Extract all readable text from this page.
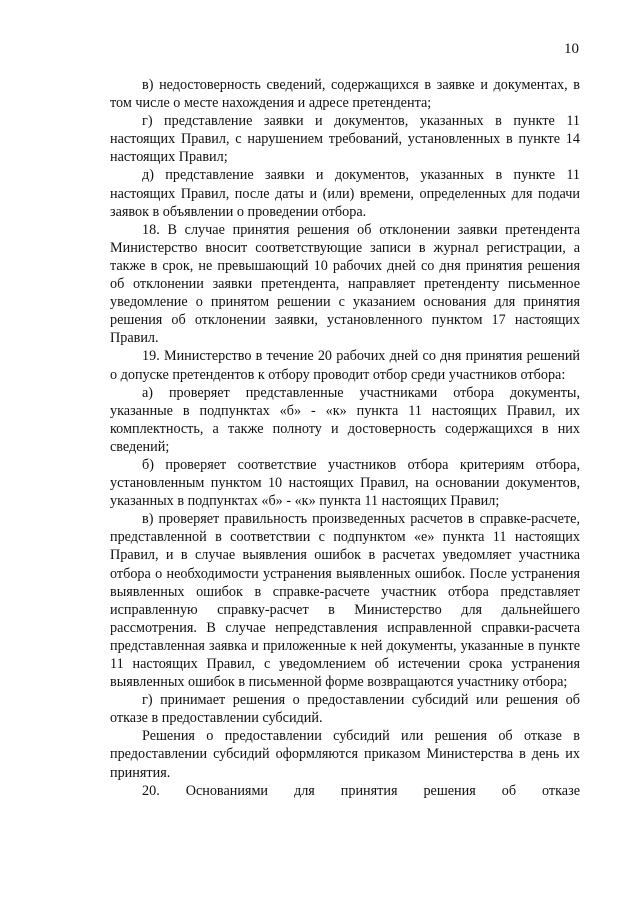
10

в) недостоверность сведений, содержащихся в заявке и документах, в том числе о месте нахождения и адресе претендента;

г) представление заявки и документов, указанных в пункте 11 настоящих Правил, с нарушением требований, установленных в пункте 14 настоящих Правил;

д) представление заявки и документов, указанных в пункте 11 настоящих Правил, после даты и (или) времени, определенных для подачи заявок в объявлении о проведении отбора.

18. В случае принятия решения об отклонении заявки претендента Министерство вносит соответствующие записи в журнал регистрации, а также в срок, не превышающий 10 рабочих дней со дня принятия решения об отклонении заявки претендента, направляет претенденту письменное уведомление о принятом решении с указанием основания для принятия решения об отклонении заявки, установленного пунктом 17 настоящих Правил.

19. Министерство в течение 20 рабочих дней со дня принятия решений о допуске претендентов к отбору проводит отбор среди участников отбора:

а) проверяет представленные участниками отбора документы, указанные в подпунктах «б» - «к» пункта 11 настоящих Правил, их комплектность, а также полноту и достоверность содержащихся в них сведений;

б) проверяет соответствие участников отбора критериям отбора, установленным пунктом 10 настоящих Правил, на основании документов, указанных в подпунктах «б» - «к» пункта 11 настоящих Правил;

в) проверяет правильность произведенных расчетов в справке-расчете, представленной в соответствии с подпунктом «е» пункта 11 настоящих Правил, и в случае выявления ошибок в расчетах уведомляет участника отбора о необходимости устранения выявленных ошибок. После устранения выявленных ошибок в справке-расчете участник отбора представляет исправленную справку-расчет в Министерство для дальнейшего рассмотрения. В случае непредставления исправленной справки-расчета представленная заявка и приложенные к ней документы, указанные в пункте 11 настоящих Правил, с уведомлением об истечении срока устранения выявленных ошибок в письменной форме возвращаются участнику отбора;

г) принимает решения о предоставлении субсидий или решения об отказе в предоставлении субсидий.

Решения о предоставлении субсидий или решения об отказе в предоставлении субсидий оформляются приказом Министерства в день их принятия.

20. Основаниями для принятия решения об отказе
